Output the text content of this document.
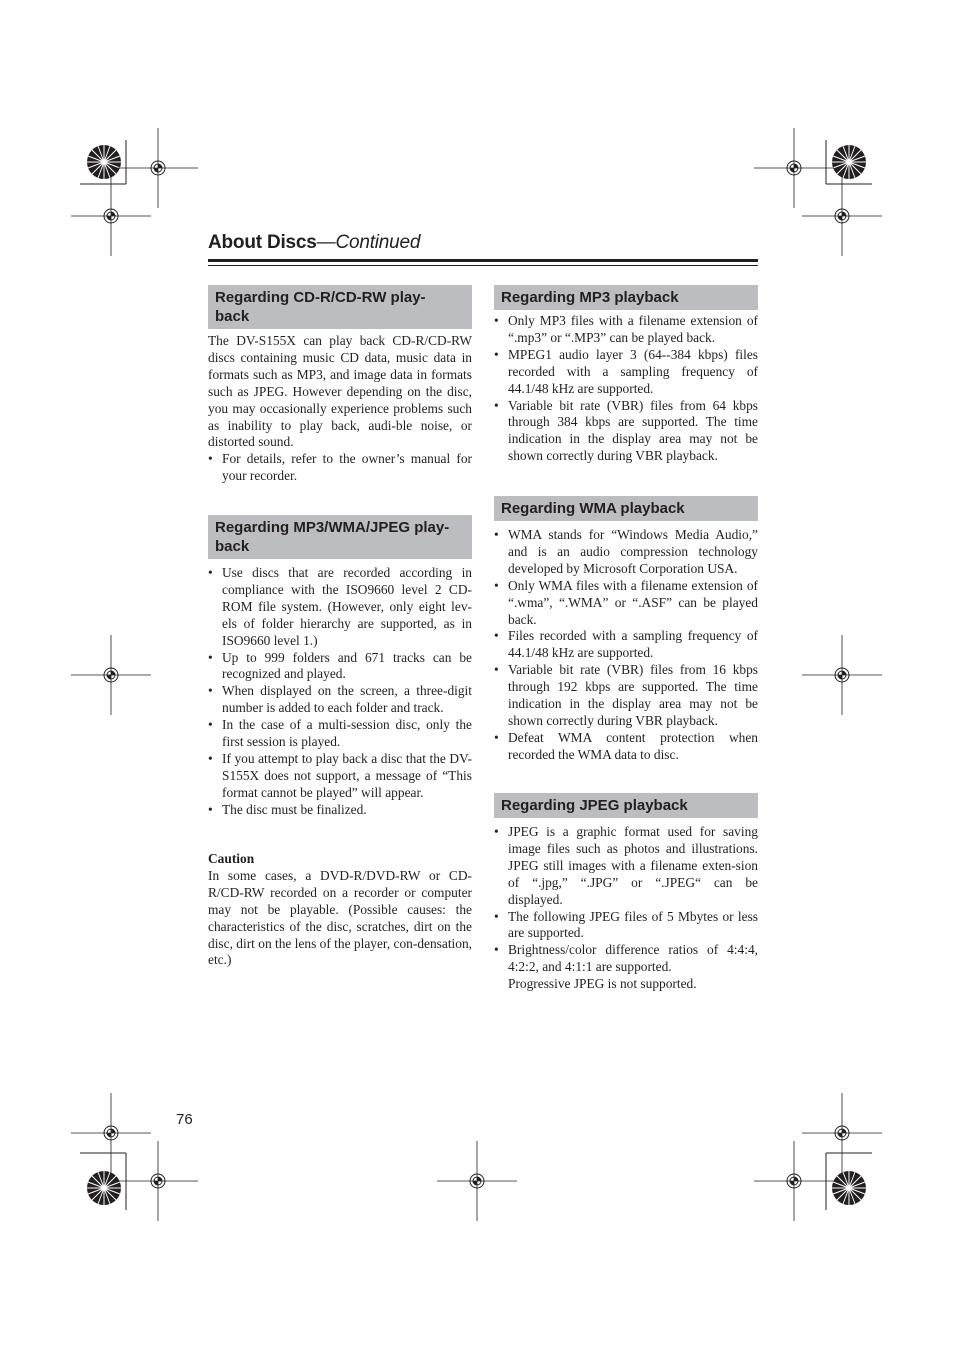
About Discs—Continued
Regarding CD-R/CD-RW play-back

The DV-S155X can play back CD-R/CD-RW discs containing music CD data, music data in formats such as MP3, and image data in formats such as JPEG. However depending on the disc, you may occasionally experience problems such as inability to play back, audi-ble noise, or distorted sound.

• For details, refer to the owner’s manual for your recorder.
Regarding MP3/WMA/JPEG play-back
• Use discs that are recorded according in compliance with the ISO9660 level 2 CD-ROM file system. (However, only eight lev-els of folder hierarchy are supported, as in ISO9660 level 1.)
• Up to 999 folders and 671 tracks can be recognized and played.
• When displayed on the screen, a three-digit number is added to each folder and track.
• In the case of a multi-session disc, only the first session is played.
• If you attempt to play back a disc that the DV-S155X does not support, a message of “This format cannot be played” will appear.
• The disc must be finalized.
Caution

In some cases, a DVD-R/DVD-RW or CD-R/CD-RW recorded on a recorder or computer may not be playable. (Possible causes: the characteristics of the disc, scratches, dirt on the disc, dirt on the lens of the player, con-densation, etc.)

Regarding MP3 playback
• Only MP3 files with a filename extension of “.mp3” or “.MP3” can be played back.
• MPEG1 audio layer 3 (64--384 kbps) files recorded with a sampling frequency of 44.1/48 kHz are supported.
• Variable bit rate (VBR) files from 64 kbps through 384 kbps are supported. The time indication in the display area may not be shown correctly during VBR playback.
Regarding WMA playback
• WMA stands for “Windows Media Audio,” and is an audio compression technology developed by Microsoft Corporation USA.
• Only WMA files with a filename extension of “.wma”, “.WMA” or “.ASF” can be played back.
• Files recorded with a sampling frequency of 44.1/48 kHz are supported.
• Variable bit rate (VBR) files from 16 kbps through 192 kbps are supported. The time indication in the display area may not be shown correctly during VBR playback.
• Defeat WMA content protection when recorded the WMA data to disc.
Regarding JPEG playback
• JPEG is a graphic format used for saving image files such as photos and illustrations. JPEG still images with a filename exten-sion of “.jpg,” “.JPG” or “.JPEG“ can be displayed.
• The following JPEG files of 5 Mbytes or less are supported.
• Brightness/color difference ratios of 4:4:4, 4:2:2, and 4:1:1 are supported.
Progressive JPEG is not supported.
76
